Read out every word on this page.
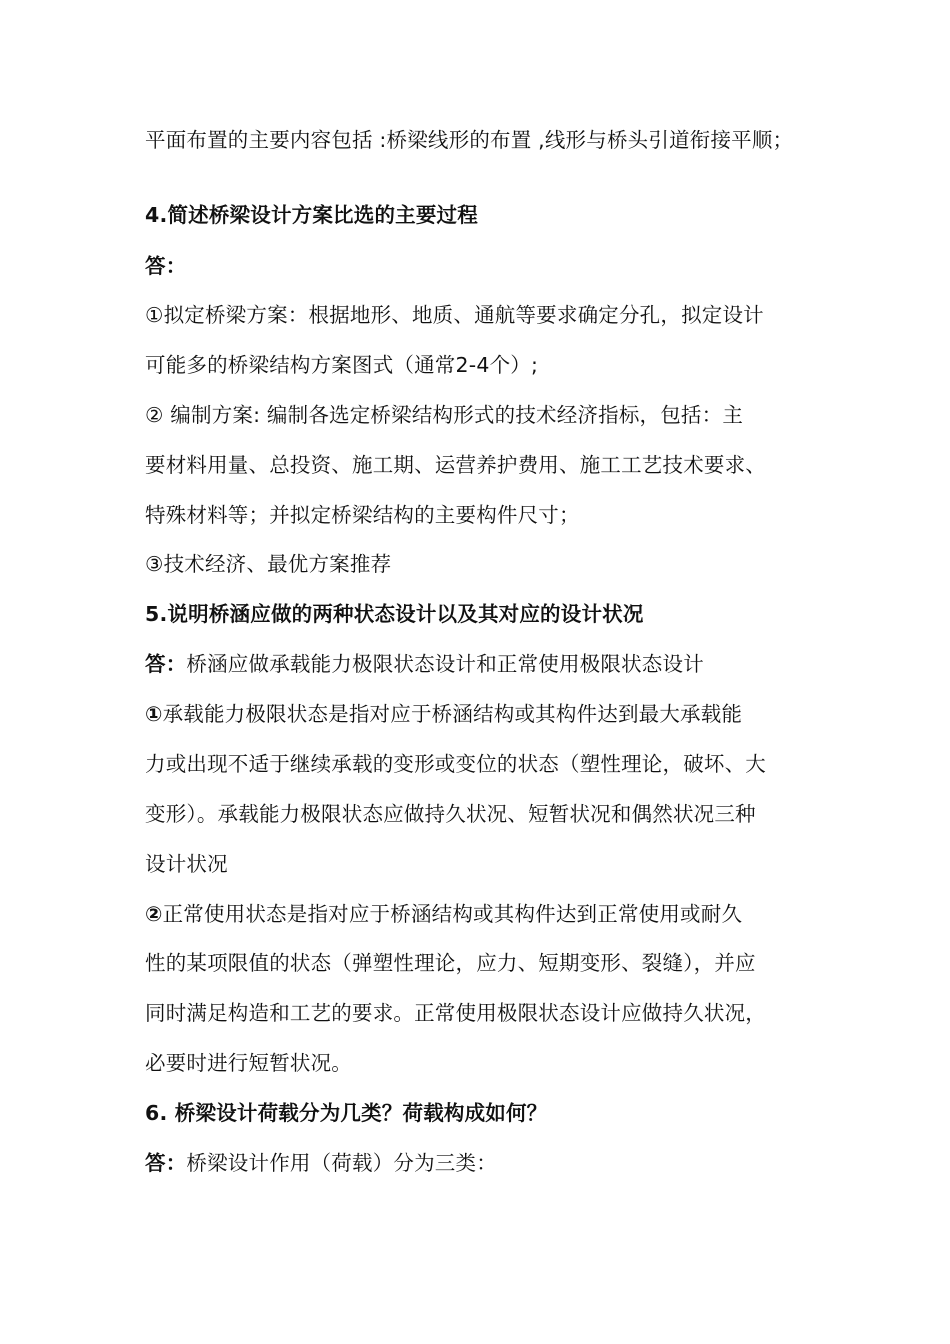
平面布置的主要内容包括 :桥梁线形的布置 ,线形与桥头引道衔接平顺；
4.简述桥梁设计方案比选的主要过程
答：
①拟定桥梁方案：根据地形、地质、通航等要求确定分孔，拟定设计
可能多的桥梁结构方案图式（通常2-4个）;
② 编制方案: 编制各选定桥梁结构形式的技术经济指标，包括：主
要材料用量、总投资、施工期、运营养护费用、施工工艺技术要求、
特殊材料等；并拟定桥梁结构的主要构件尺寸；
③技术经济、最优方案推荐
5.说明桥涵应做的两种状态设计以及其对应的设计状况
答：桥涵应做承载能力极限状态设计和正常使用极限状态设计
①承载能力极限状态是指对应于桥涵结构或其构件达到最大承载能
力或出现不适于继续承载的变形或变位的状态（塑性理论，破坏、大
变形）。承载能力极限状态应做持久状况、短暂状况和偶然状况三种
设计状况
②正常使用状态是指对应于桥涵结构或其构件达到正常使用或耐久
性的某项限值的状态（弹塑性理论，应力、短期变形、裂缝），并应
同时满足构造和工艺的要求。正常使用极限状态设计应做持久状况，
必要时进行短暂状况。
6. 桥梁设计荷载分为几类？荷载构成如何？
答：桥梁设计作用（荷载）分为三类：
